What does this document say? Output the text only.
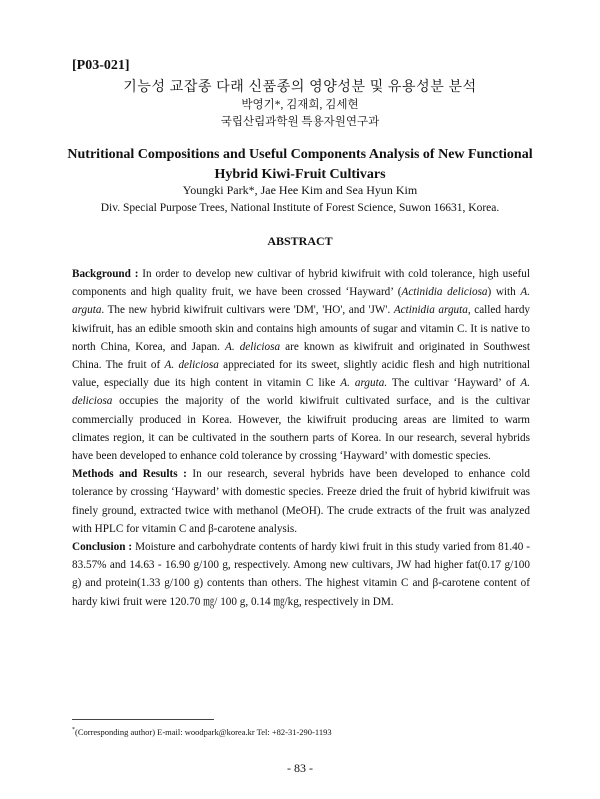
[P03-021]
기능성 교잡종 다래 신품종의 영양성분 및 유용성분 분석
박영기*, 김재희, 김세현
국립산림과학원 특용자원연구과
Nutritional Compositions and Useful Components Analysis of New Functional Hybrid Kiwi-Fruit Cultivars
Youngki Park*, Jae Hee Kim and Sea Hyun Kim
Div. Special Purpose Trees, National Institute of Forest Science, Suwon 16631, Korea.
ABSTRACT

Background : In order to develop new cultivar of hybrid kiwifruit with cold tolerance, high useful components and high quality fruit, we have been crossed ‘Hayward’ (Actinidia deliciosa) with A. arguta. The new hybrid kiwifruit cultivars were 'DM', 'HO', and 'JW'. Actinidia arguta, called hardy kiwifruit, has an edible smooth skin and contains high amounts of sugar and vitamin C. It is native to north China, Korea, and Japan. A. deliciosa are known as kiwifruit and originated in Southwest China. The fruit of A. deliciosa appreciated for its sweet, slightly acidic flesh and high nutritional value, especially due its high content in vitamin C like A. arguta. The cultivar ‘Hayward’ of A. deliciosa occupies the majority of the world kiwifruit cultivated surface, and is the cultivar commercially produced in Korea. However, the kiwifruit producing areas are limited to warm climates region, it can be cultivated in the southern parts of Korea. In our research, several hybrids have been developed to enhance cold tolerance by crossing ‘Hayward’ with domestic species.

Methods and Results : In our research, several hybrids have been developed to enhance cold tolerance by crossing ‘Hayward’ with domestic species. Freeze dried the fruit of hybrid kiwifruit was finely ground, extracted twice with methanol (MeOH). The crude extracts of the fruit was analyzed with HPLC for vitamin C and β-carotene analysis.

Conclusion : Moisture and carbohydrate contents of hardy kiwi fruit in this study varied from 81.40 - 83.57% and 14.63 - 16.90 g/100 g, respectively. Among new cultivars, JW had higher fat(0.17 g/100 g) and protein(1.33 g/100 g) contents than others. The highest vitamin C and β-carotene content of hardy kiwi fruit were 120.70 ㎎/ 100 g, 0.14 ㎎/kg, respectively in DM.

*(Corresponding author) E-mail: woodpark@korea.kr Tel: +82-31-290-1193
- 83 -
